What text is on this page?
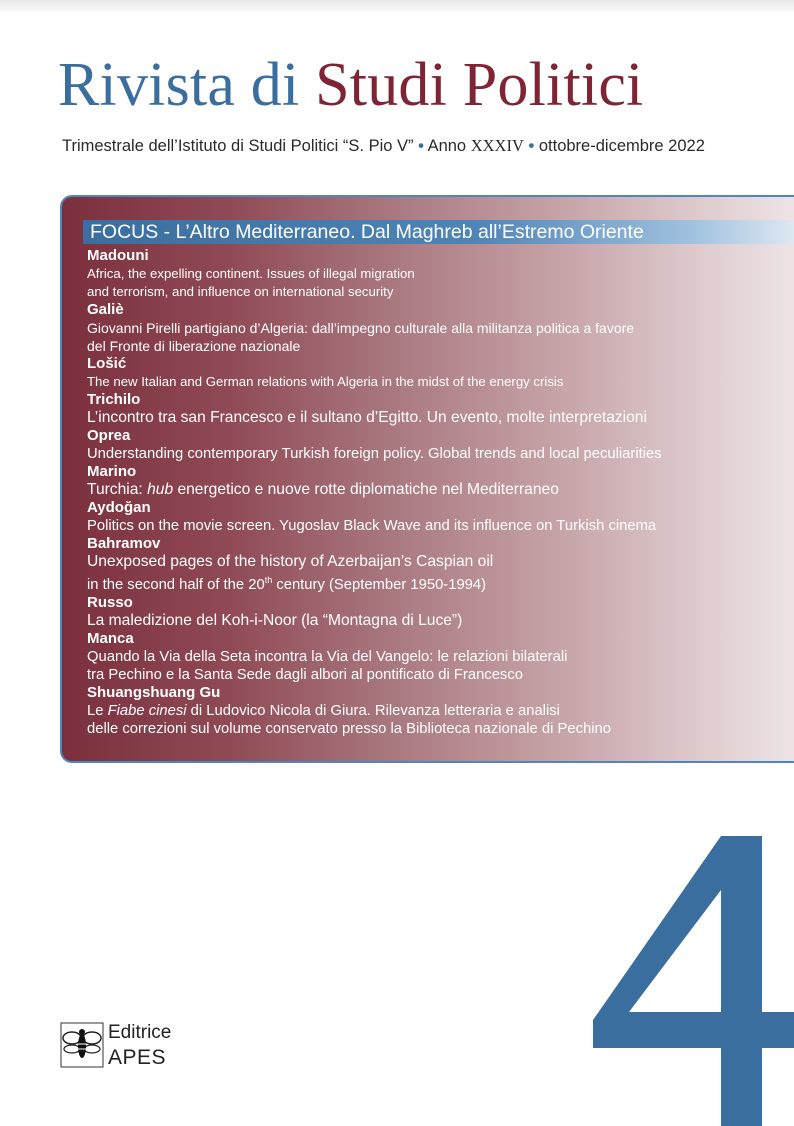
Rivista di Studi Politici
Trimestrale dell’Istituto di Studi Politici “S. Pio V” • Anno XXXIV • ottobre-dicembre 2022
FOCUS - L’Altro Mediterraneo. Dal Maghreb all’Estremo Oriente
Madouni
Africa, the expelling continent. Issues of illegal migration
and terrorism, and influence on international security
Galiè
Giovanni Pirelli partigiano d’Algeria: dall’impegno culturale alla militanza politica a favore
del Fronte di liberazione nazionale
Lošić
The new Italian and German relations with Algeria in the midst of the energy crisis
Trichilo
L’incontro tra san Francesco e il sultano d’Egitto. Un evento, molte interpretazioni
Oprea
Understanding contemporary Turkish foreign policy. Global trends and local peculiarities
Marino
Turchia: hub energetico e nuove rotte diplomatiche nel Mediterraneo
Aydoğan
Politics on the movie screen. Yugoslav Black Wave and its influence on Turkish cinema
Bahramov
Unexposed pages of the history of Azerbaijan’s Caspian oil
in the second half of the 20th century (September 1950-1994)
Russo
La maledizione del Koh-i-Noor (la “Montagna di Luce”)
Manca
Quando la Via della Seta incontra la Via del Vangelo: le relazioni bilaterali
tra Pechino e la Santa Sede dagli albori al pontificato di Francesco
Shuangshuang Gu
Le Fiabe cinesi di Ludovico Nicola di Giura. Rilevanza letteraria e analisi
delle correzioni sul volume conservato presso la Biblioteca nazionale di Pechino
4
2022
Editrice
APES
